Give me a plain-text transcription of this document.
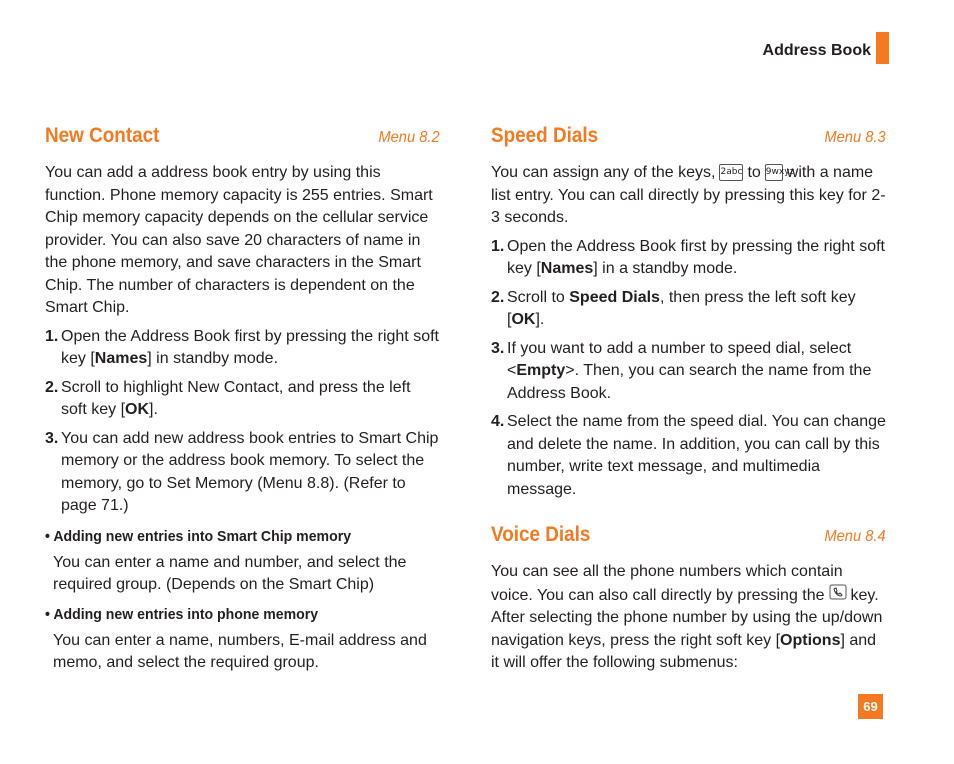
Address Book
New Contact	Menu 8.2

You can add a address book entry by using this function. Phone memory capacity is 255 entries. Smart Chip memory capacity depends on the cellular service provider. You can also save 20 characters of name in the phone memory, and save characters in the Smart Chip. The number of characters is dependent on the Smart Chip.

1. Open the Address Book first by pressing the right soft key [Names] in standby mode.
2. Scroll to highlight New Contact, and press the left soft key [OK].
3. You can add new address book entries to Smart Chip memory or the address book memory. To select the memory, go to Set Memory (Menu 8.8). (Refer to page 71.)
• Adding new entries into Smart Chip memory

You can enter a name and number, and select the required group. (Depends on the Smart Chip)

• Adding new entries into phone memory

You can enter a name, numbers, E-mail address and memo, and select the required group.

Speed Dials	Menu 8.3

You can assign any of the keys, 2abc to 9wxyzwith a name list entry. You can call directly by pressing this key for 2-3 seconds.

1. Open the Address Book first by pressing the right soft key [Names] in a standby mode.
2. Scroll to Speed Dials, then press the left soft key [OK].
3. If you want to add a number to speed dial, select <Empty>. Then, you can search the name from the Address Book.
4. Select the name from the speed dial. You can change and delete the name. In addition, you can call by this number, write text message, and multimedia message.
Voice Dials	Menu 8.4

You can see all the phone numbers which contain voice. You can also call directly by pressing the key. After selecting the phone number by using the up/down navigation keys, press the right soft key [Options] and it will offer the following submenus:

69
